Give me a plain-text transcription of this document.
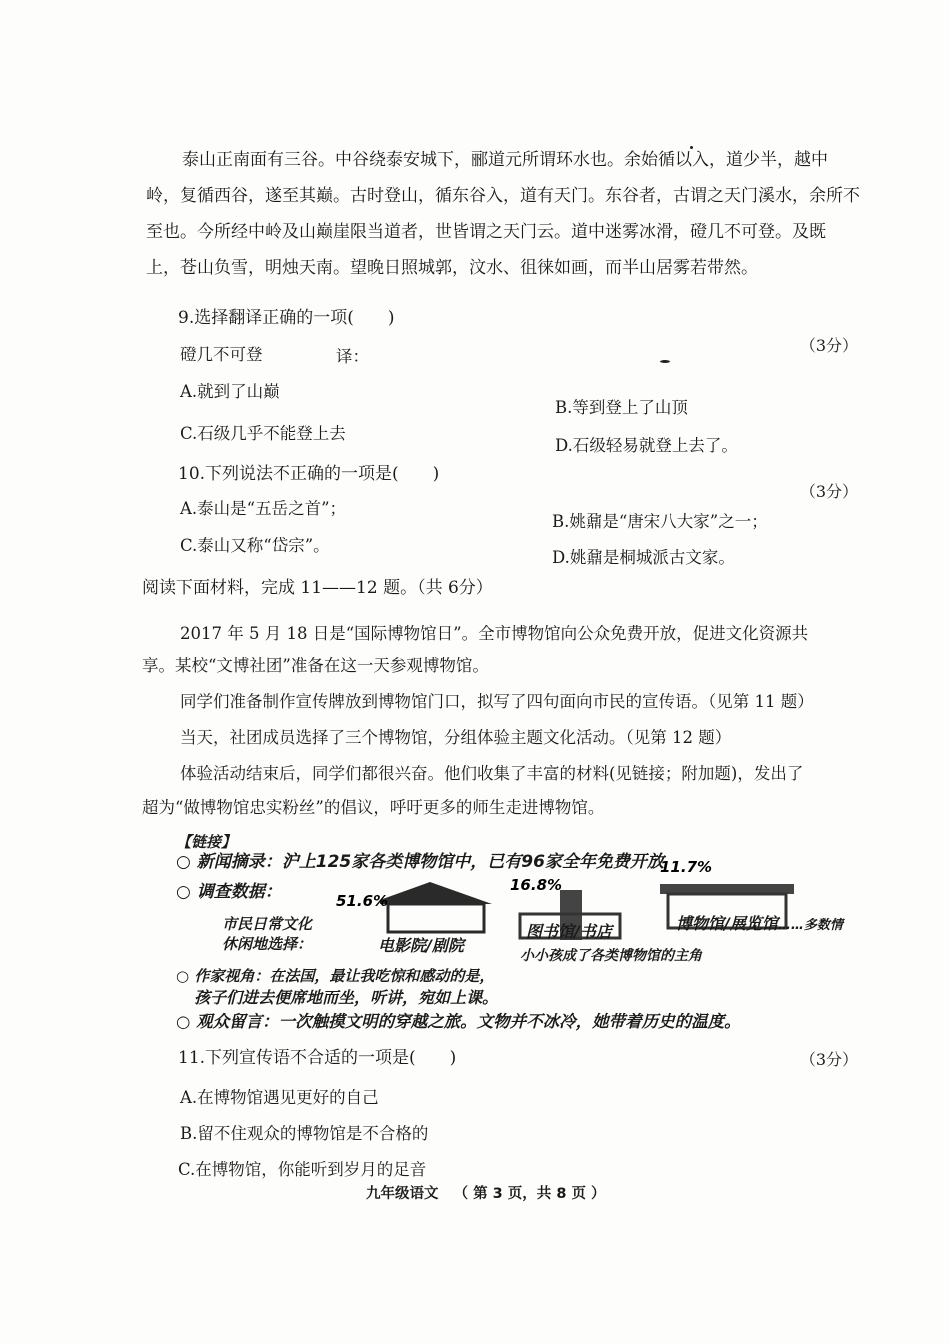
泰山正南面有三谷。中谷绕泰安城下，郦道元所谓环水也。余始循以入，道少半，越中
岭，复循西谷，遂至其巅。古时登山，循东谷入，道有天门。东谷者，古谓之天门溪水，余所不
至也。今所经中岭及山巅崖限当道者，世皆谓之天门云。道中迷雾冰滑，磴几不可登。及既
上，苍山负雪，明烛天南。望晚日照城郭，汶水、徂徕如画，而半山居雾若带然。
9.选择翻译正确的一项(　　)
磴几不可登	译：
（3分）
A.就到了山巅
B.等到登上了山顶
C.石级几乎不能登上去
D.石级轻易就登上去了。
10.下列说法不正确的一项是(　　)
（3分）
A.泰山是“五岳之首”；
B.姚鼐是“唐宋八大家”之一；
C.泰山又称“岱宗”。
D.姚鼐是桐城派古文家。
阅读下面材料，完成 11——12 题。（共 6分）
2017 年 5 月 18 日是“国际博物馆日”。全市博物馆向公众免费开放，促进文化资源共
享。某校“文博社团”准备在这一天参观博物馆。
同学们准备制作宣传牌放到博物馆门口，拟写了四句面向市民的宣传语。（见第 11 题）
当天，社团成员选择了三个博物馆，分组体验主题文化活动。（见第 12 题）
体验活动结束后，同学们都很兴奋。他们收集了丰富的材料(见链接；附加题)，发出了
超为“做博物馆忠实粉丝”的倡议，呼吁更多的师生走进博物馆。
【链接】
○ 新闻摘录：沪上125家各类博物馆中，已有96家全年免费开放
○ 调查数据：
市民日常文化
休闲地选择：
51.6%
16.8%
11.7%
电影院/剧院
图书馆/书店	博物馆/展览馆……多数情
小小孩成了各类博物馆的主角
○ 作家视角：在法国，最让我吃惊和感动的是，
孩子们进去便席地而坐，听讲，宛如上课。
○ 观众留言：一次触摸文明的穿越之旅。文物并不冰冷，她带着历史的温度。
11.下列宣传语不合适的一项是(　　)	（3分）
A.在博物馆遇见更好的自己
B.留不住观众的博物馆是不合格的
C.在博物馆，你能听到岁月的足音
九年级语文 （ 第 3 页，共 8 页 ）
